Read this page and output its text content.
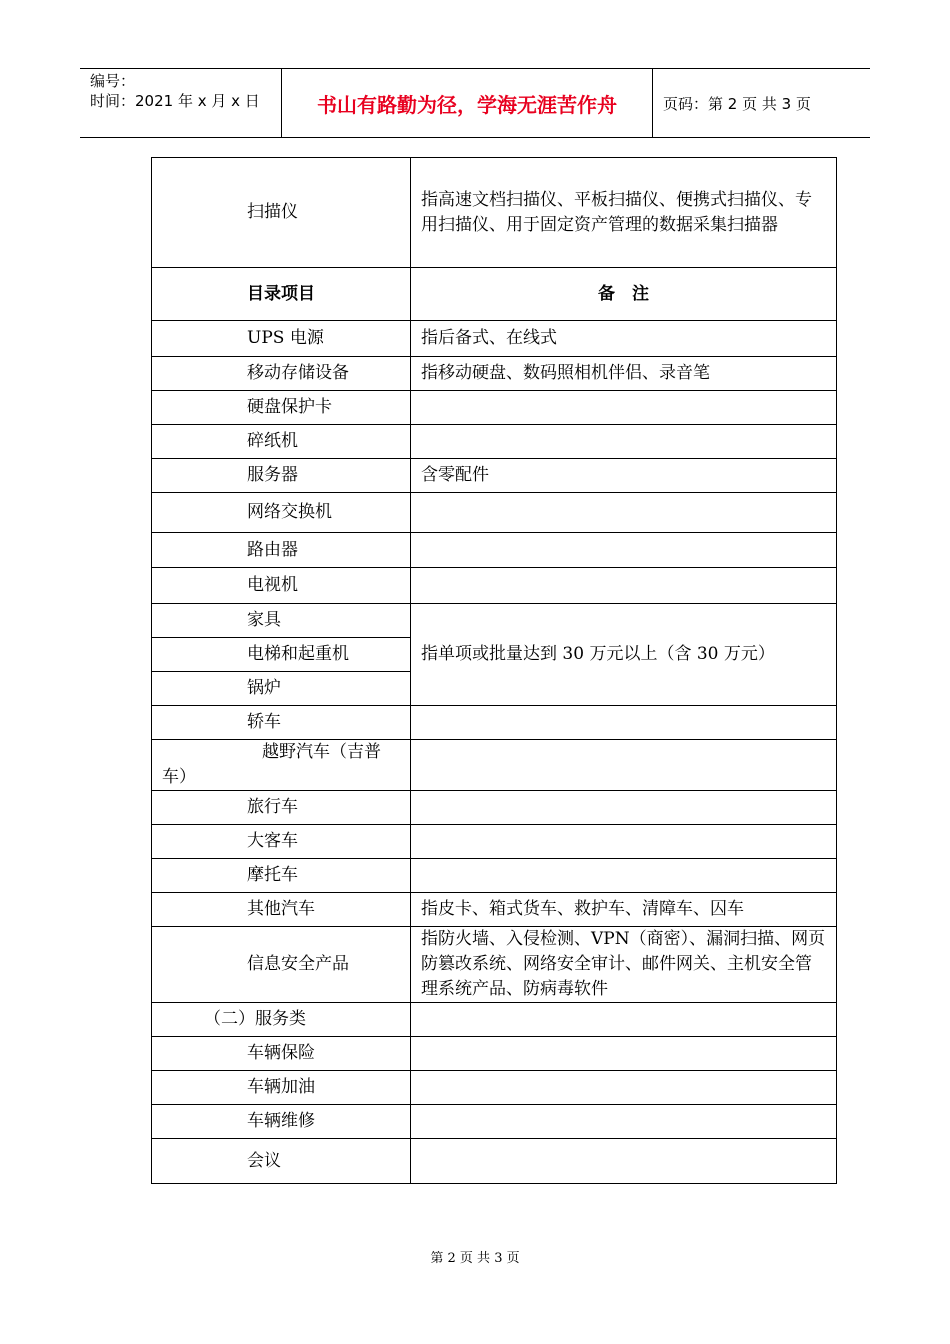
编号：
时间：2021 年 x 月 x 日	书山有路勤为径，学海无涯苦作舟	页码：第 2 页 共 3 页
扫描仪	指高速文档扫描仪、平板扫描仪、便携式扫描仪、专用扫描仪、用于固定资产管理的数据采集扫描器
目录项目	备　注

UPS 电源	指后备式、在线式

移动存储设备	指移动硬盘、数码照相机伴侣、录音笔

硬盘保护卡	

碎纸机	

服务器	含零配件

网络交换机	

路由器	

电视机	

家具	指单项或批量达到 30 万元以上（含 30 万元）

电梯和起重机	

锅炉	

轿车	

越野汽车（吉普
车）	

旅行车	

大客车	

摩托车	

其他汽车	指皮卡、箱式货车、救护车、清障车、囚车

信息安全产品	指防火墙、入侵检测、VPN（商密）、漏洞扫描、网页防篡改系统、网络安全审计、邮件网关、主机安全管理系统产品、防病毒软件

（二）服务类	

车辆保险	

车辆加油	

车辆维修	

会议	

第 2 页 共 3 页
